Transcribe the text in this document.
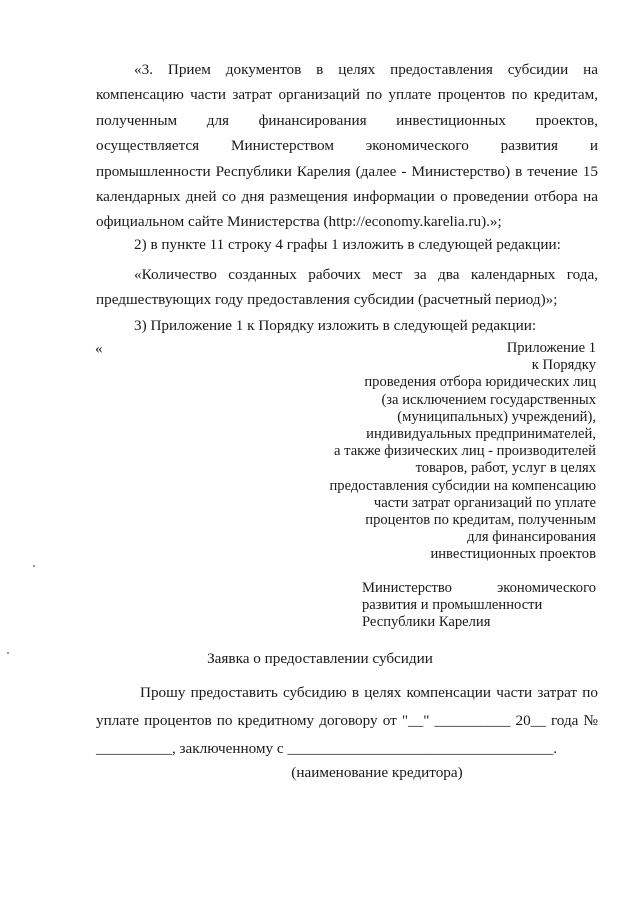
«3. Прием документов в целях предоставления субсидии на компенсацию части затрат организаций по уплате процентов по кредитам, полученным для финансирования инвестиционных проектов, осуществляется Министерством экономического развития и промышленности Республики Карелия (далее - Министерство) в течение 15 календарных дней со дня размещения информации о проведении отбора на официальном сайте Министерства (http://economy.karelia.ru).»;
2) в пункте 11 строку 4 графы 1 изложить в следующей редакции:
«Количество созданных рабочих мест за два календарных года, предшествующих году предоставления субсидии (расчетный период)»;
3) Приложение 1 к Порядку изложить в следующей редакции:
«	Приложение 1
к Порядку
проведения отбора юридических лиц
(за исключением государственных
(муниципальных) учреждений),
индивидуальных предпринимателей,
а также физических лиц - производителей
товаров, работ, услуг в целях
предоставления субсидии на компенсацию
части затрат организаций по уплате
процентов по кредитам, полученным
для финансирования
инвестиционных проектов
Министерство	экономического
развития и промышленности
Республики Карелия
Заявка о предоставлении субсидии
Прошу предоставить субсидию в целях компенсации части затрат по
уплате процентов по кредитному договору от "__" __________ 20__ года №
__________, заключенному с ___________________________________.
(наименование кредитора)
